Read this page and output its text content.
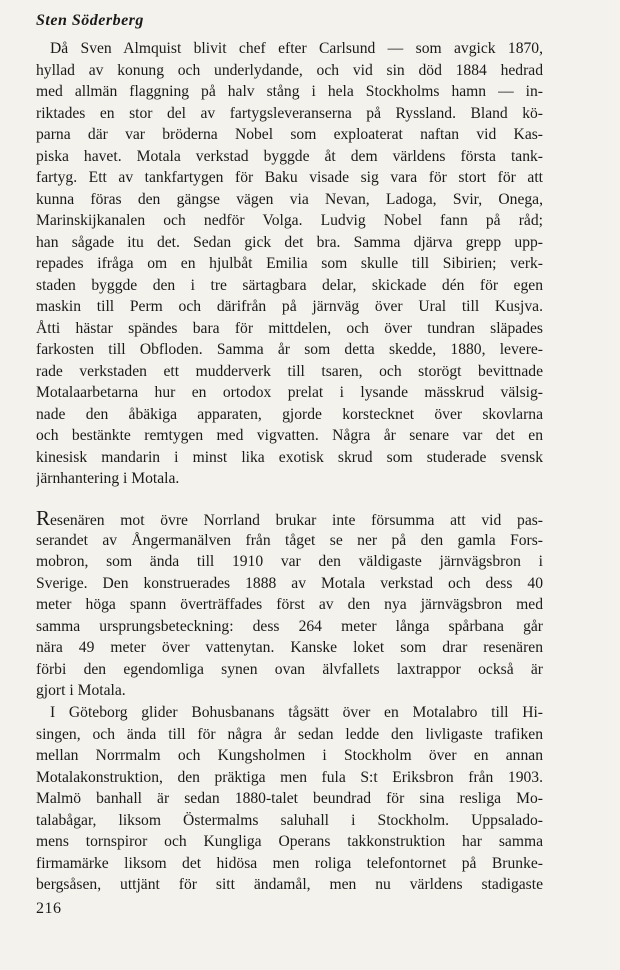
Sten Söderberg
Då Sven Almquist blivit chef efter Carlsund — som avgick 1870,
hyllad av konung och underlydande, och vid sin död 1884 hedrad
med allmän flaggning på halv stång i hela Stockholms hamn — in-
riktades en stor del av fartygsleveranserna på Ryssland. Bland kö-
parna där var bröderna Nobel som exploaterat naftan vid Kas-
piska havet. Motala verkstad byggde åt dem världens första tank-
fartyg. Ett av tankfartygen för Baku visade sig vara för stort för att
kunna föras den gängse vägen via Nevan, Ladoga, Svir, Onega,
Marinskijkanalen och nedför Volga. Ludvig Nobel fann på råd;
han sågade itu det. Sedan gick det bra. Samma djärva grepp upp-
repades ifråga om en hjulbåt Emilia som skulle till Sibirien; verk-
staden byggde den i tre särtagbara delar, skickade dén för egen
maskin till Perm och därifrån på järnväg över Ural till Kusjva.
Åtti hästar spändes bara för mittdelen, och över tundran släpades
farkosten till Obfloden. Samma år som detta skedde, 1880, levere-
rade verkstaden ett mudderverk till tsaren, och storögt bevittnade
Motalaarbetarna hur en ortodox prelat i lysande mässkrud välsig-
nade den åbäkiga apparaten, gjorde korstecknet över skovlarna
och bestänkte remtygen med vigvatten. Några år senare var det en
kinesisk mandarin i minst lika exotisk skrud som studerade svensk
järnhantering i Motala.
Resenären mot övre Norrland brukar inte försumma att vid pas-
serandet av Ångermanälven från tåget se ner på den gamla Fors-
mobron, som ända till 1910 var den väldigaste järnvägsbron i
Sverige. Den konstruerades 1888 av Motala verkstad och dess 40
meter höga spann överträffades först av den nya järnvägsbron med
samma ursprungsbeteckning: dess 264 meter långa spårbana går
nära 49 meter över vattenytan. Kanske loket som drar resenären
förbi den egendomliga synen ovan älvfallets laxtrappor också är
gjort i Motala.
I Göteborg glider Bohusbanans tågsätt över en Motalabro till Hi-
singen, och ända till för några år sedan ledde den livligaste trafiken
mellan Norrmalm och Kungsholmen i Stockholm över en annan
Motalakonstruktion, den präktiga men fula S:t Eriksbron från 1903.
Malmö banhall är sedan 1880-talet beundrad för sina resliga Mo-
talabågar, liksom Östermalms saluhall i Stockholm. Uppsalado-
mens tornspiror och Kungliga Operans takkonstruktion har samma
firmamärke liksom det hidösa men roliga telefontornet på Brunke-
bergsåsen, uttjänt för sitt ändamål, men nu världens stadigaste
216
